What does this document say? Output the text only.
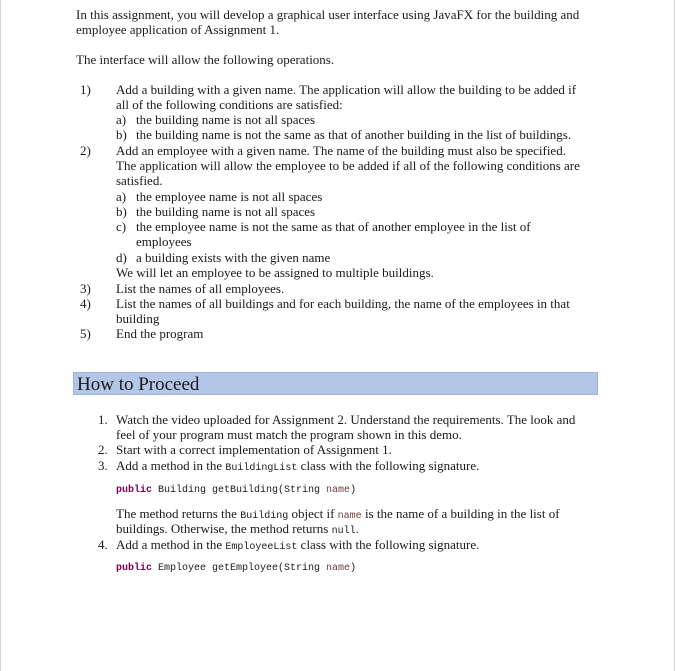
In this assignment, you will develop a graphical user interface using JavaFX for the building and
employee application of Assignment 1.
The interface will allow the following operations.
1)	Add a building with a given name. The application will allow the building to be added if
all of the following conditions are satisfied:
a) the building name is not all spaces
b) the building name is not the same as that of another building in the list of buildings.
2)	Add an employee with a given name. The name of the building must also be specified.
The application will allow the employee to be added if all of the following conditions are
satisfied.
a) the employee name is not all spaces
b) the building name is not all spaces
c) the employee name is not the same as that of another employee in the list of
employees
d) a building exists with the given name
We will let an employee to be assigned to multiple buildings.
3)	List the names of all employees.
4)	List the names of all buildings and for each building, the name of the employees in that
building
5)	End the program
How to Proceed
1. Watch the video uploaded for Assignment 2. Understand the requirements. The look and
feel of your program must match the program shown in this demo.
2. Start with a correct implementation of Assignment 1.
3. Add a method in the BuildingList class with the following signature.
public Building getBuilding(String name)
The method returns the Building object if name is the name of a building in the list of
buildings. Otherwise, the method returns null.
4. Add a method in the EmployeeList class with the following signature.
public Employee getEmployee(String name)
